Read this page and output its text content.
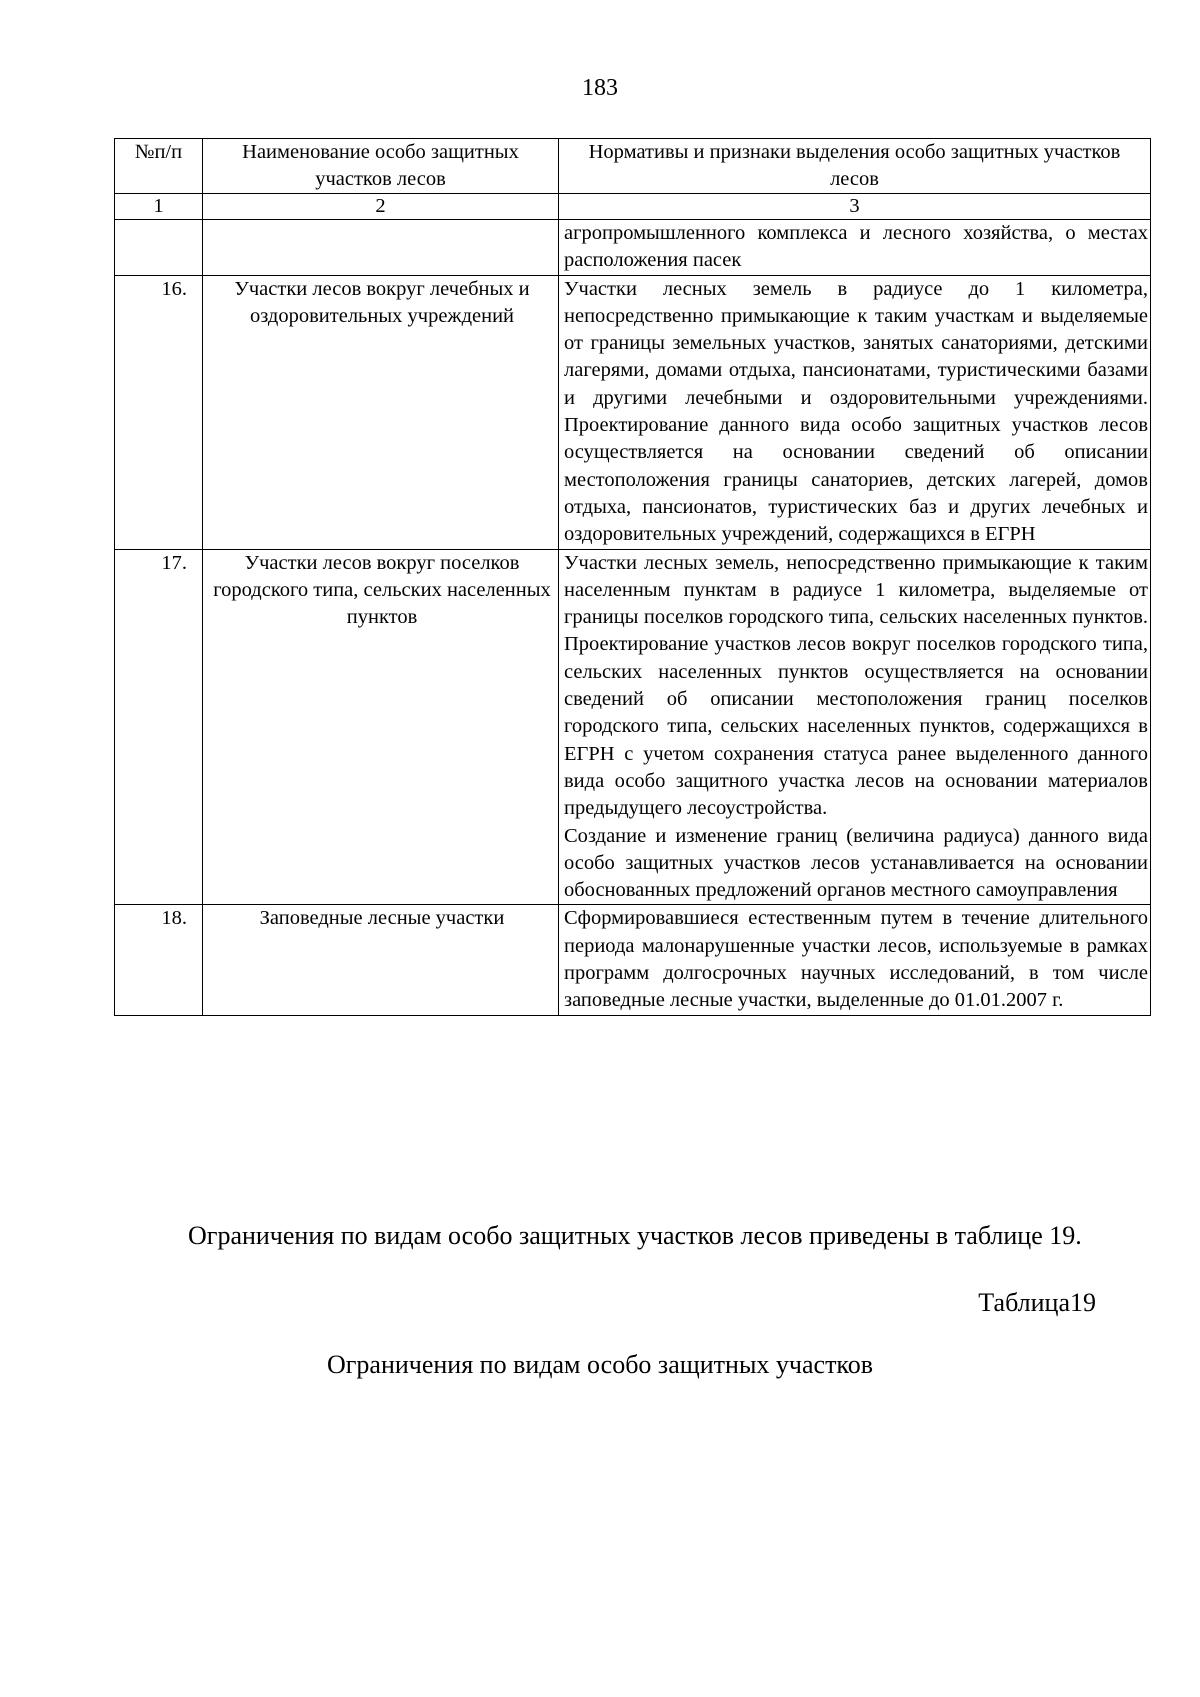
183
№п/п	Наименование особо защитных участков лесов	Нормативы и признаки выделения особо защитных участков лесов
1	2	3

		агропромышленного комплекса и лесного хозяйства, о местах расположения пасек

16.	Участки лесов вокруг лечебных и оздоровительных учреждений	Участки лесных земель в радиусе до 1 километра, непосредственно примыкающие к таким участкам и выделяемые от границы земельных участков, занятых санаториями, детскими лагерями, домами отдыха, пансионатами, туристическими базами и другими лечебными и оздоровительными учреждениями. Проектирование данного вида особо защитных участков лесов осуществляется на основании сведений об описании местоположения границы санаториев, детских лагерей, домов отдыха, пансионатов, туристических баз и других лечебных и оздоровительных учреждений, содержащихся в ЕГРН

17.	Участки лесов вокруг поселков городского типа, сельских населенных пунктов	Участки лесных земель, непосредственно примыкающие к таким населенным пунктам в радиусе 1 километра, выделяемые от границы поселков городского типа, сельских населенных пунктов. Проектирование участков лесов вокруг поселков городского типа, сельских населенных пунктов осуществляется на основании сведений об описании местоположения границ поселков городского типа, сельских населенных пунктов, содержащихся в ЕГРН с учетом сохранения статуса ранее выделенного данного вида особо защитного участка лесов на основании материалов предыдущего лесоустройства.
Создание и изменение границ (величина радиуса) данного вида особо защитных участков лесов устанавливается на основании обоснованных предложений органов местного самоуправления

18.	Заповедные лесные участки	Сформировавшиеся естественным путем в течение длительного периода малонарушенные участки лесов, используемые в рамках программ долгосрочных научных исследований, в том числе заповедные лесные участки, выделенные до 01.01.2007 г.
Ограничения по видам особо защитных участков лесов приведены в таблице 19.
Таблица19
Ограничения по видам особо защитных участков
